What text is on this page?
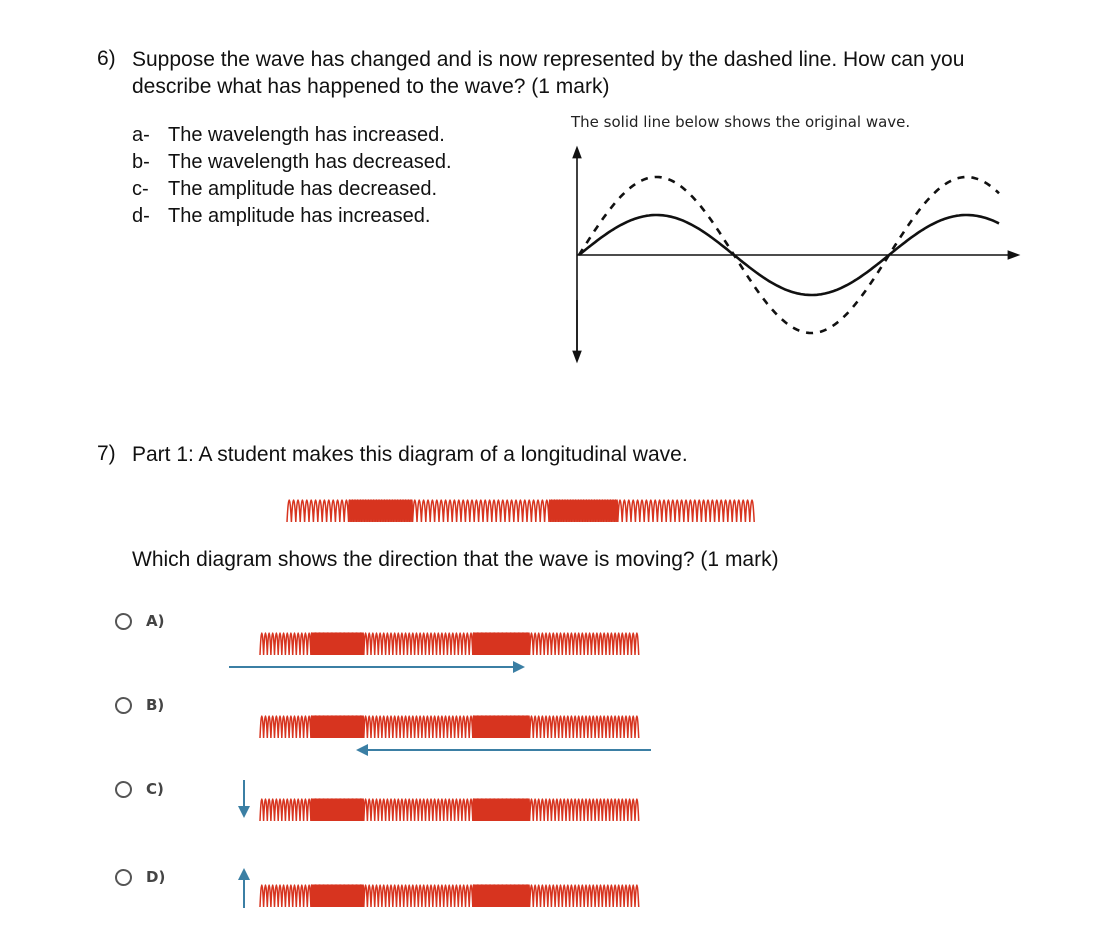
6) Suppose the wave has changed and is now represented by the dashed line. How can you
describe what has happened to the wave? (1 mark)
a- The wavelength has increased.
b- The wavelength has decreased.
c- The amplitude has decreased.
d- The amplitude has increased.
The solid line below shows the original wave.
7) Part 1: A student makes this diagram of a longitudinal wave.
Which diagram shows the direction that the wave is moving? (1 mark)
A)
B)
C)
D)
